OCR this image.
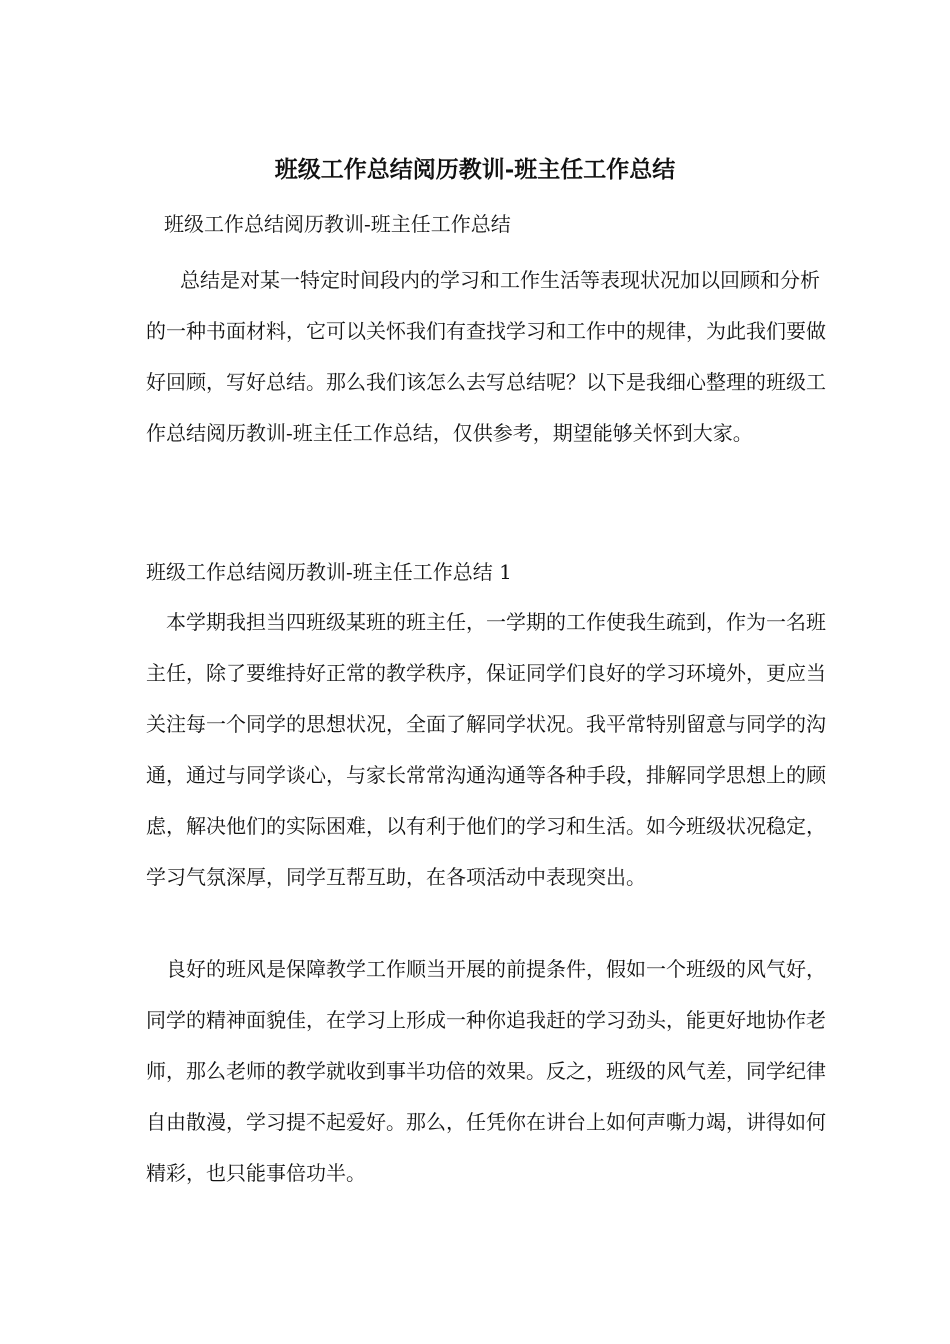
班级工作总结阅历教训-班主任工作总结

班级工作总结阅历教训-班主任工作总结

总结是对某一特定时间段内的学习和工作生活等表现状况加以回顾和分析的一种书面材料，它可以关怀我们有查找学习和工作中的规律，为此我们要做好回顾，写好总结。那么我们该怎么去写总结呢？以下是我细心整理的班级工作总结阅历教训-班主任工作总结，仅供参考，期望能够关怀到大家。

班级工作总结阅历教训-班主任工作总结 1

本学期我担当四班级某班的班主任，一学期的工作使我生疏到，作为一名班主任，除了要维持好正常的教学秩序，保证同学们良好的学习环境外，更应当关注每一个同学的思想状况，全面了解同学状况。我平常特别留意与同学的沟通，通过与同学谈心，与家长常常沟通沟通等各种手段，排解同学思想上的顾虑，解决他们的实际困难，以有利于他们的学习和生活。如今班级状况稳定，学习气氛深厚，同学互帮互助，在各项活动中表现突出。

良好的班风是保障教学工作顺当开展的前提条件，假如一个班级的风气好，同学的精神面貌佳，在学习上形成一种你追我赶的学习劲头，能更好地协作老师，那么老师的教学就收到事半功倍的效果。反之，班级的风气差，同学纪律自由散漫，学习提不起爱好。那么，任凭你在讲台上如何声嘶力竭，讲得如何精彩，也只能事倍功半。
